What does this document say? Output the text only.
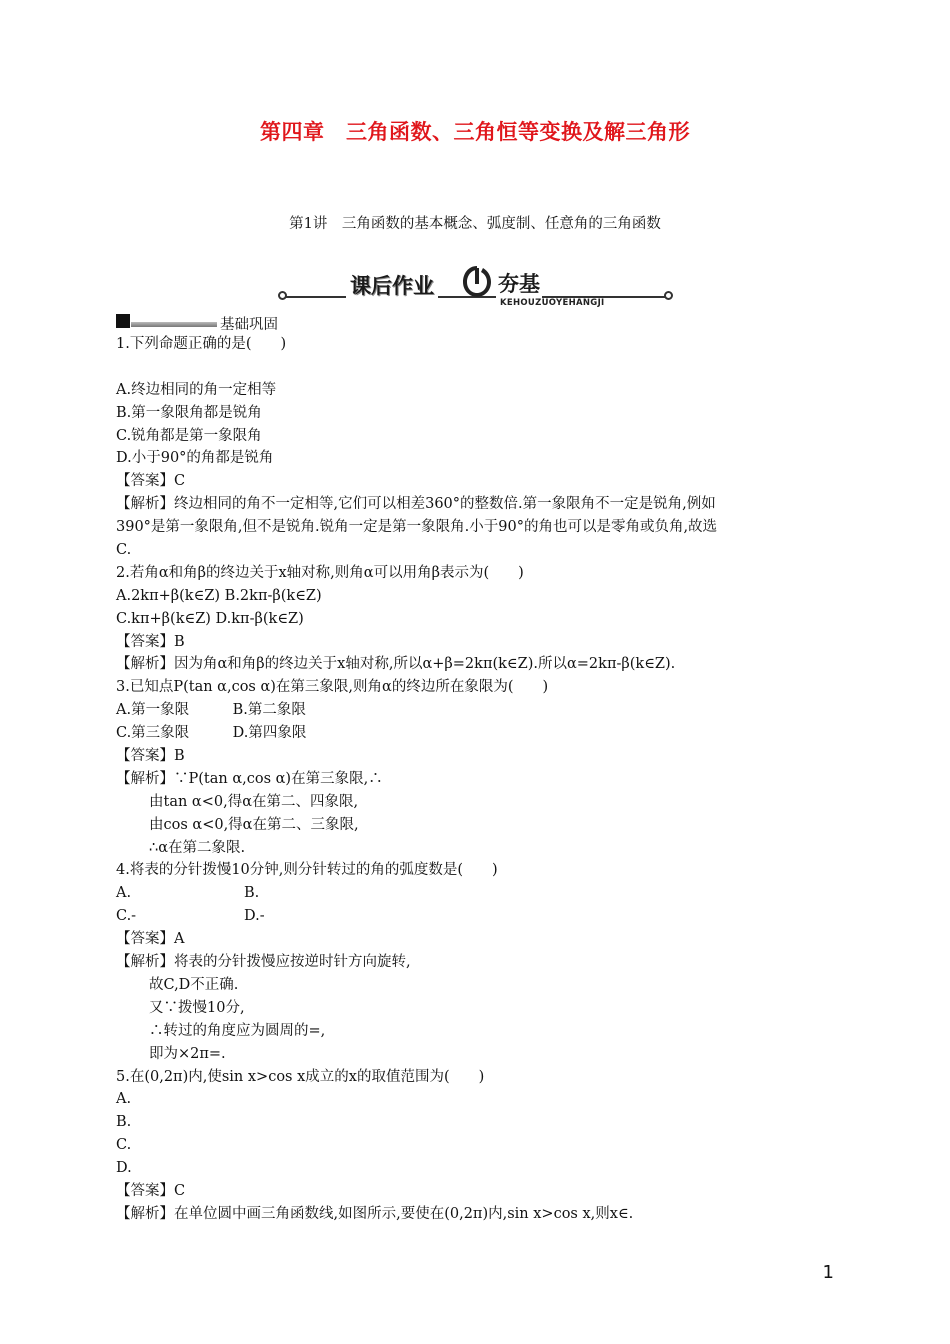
第四章　三角函数、三角恒等变换及解三角形
第1讲　三角函数的基本概念、弧度制、任意角的三角函数
课后作业	夯基
KEHOUZUOYEHANGJI
基础巩固
1.下列命题正确的是(　　)
A.终边相同的角一定相等
B.第一象限角都是锐角
C.锐角都是第一象限角
D.小于90°的角都是锐角
【答案】C
【解析】终边相同的角不一定相等,它们可以相差360°的整数倍.第一象限角不一定是锐角,例如
390°是第一象限角,但不是锐角.锐角一定是第一象限角.小于90°的角也可以是零角或负角,故选
C.
2.若角α和角β的终边关于x轴对称,则角α可以用角β表示为(　　)
A.2kπ+β(k∈Z) B.2kπ-β(k∈Z)
C.kπ+β(k∈Z) D.kπ-β(k∈Z)
【答案】B
【解析】因为角α和角β的终边关于x轴对称,所以α+β=2kπ(k∈Z).所以α=2kπ-β(k∈Z).
3.已知点P(tan α,cos α)在第三象限,则角α的终边所在象限为(　　)
A.第一象限　　　B.第二象限
C.第三象限　　　D.第四象限
【答案】B
【解析】∵P(tan α,cos α)在第三象限,∴
由tan α<0,得α在第二、四象限,
由cos α<0,得α在第二、三象限,
∴α在第二象限.
4.将表的分针拨慢10分钟,则分针转过的角的弧度数是(　　)
A.	B.
C.-	D.-
【答案】A
【解析】将表的分针拨慢应按逆时针方向旋转,
故C,D不正确.
又∵拨慢10分,
∴转过的角度应为圆周的=,
即为×2π=.
5.在(0,2π)内,使sin x>cos x成立的x的取值范围为(　　)
A.
B.
C.
D.
【答案】C
【解析】在单位圆中画三角函数线,如图所示,要使在(0,2π)内,sin x>cos x,则x∈.
1
